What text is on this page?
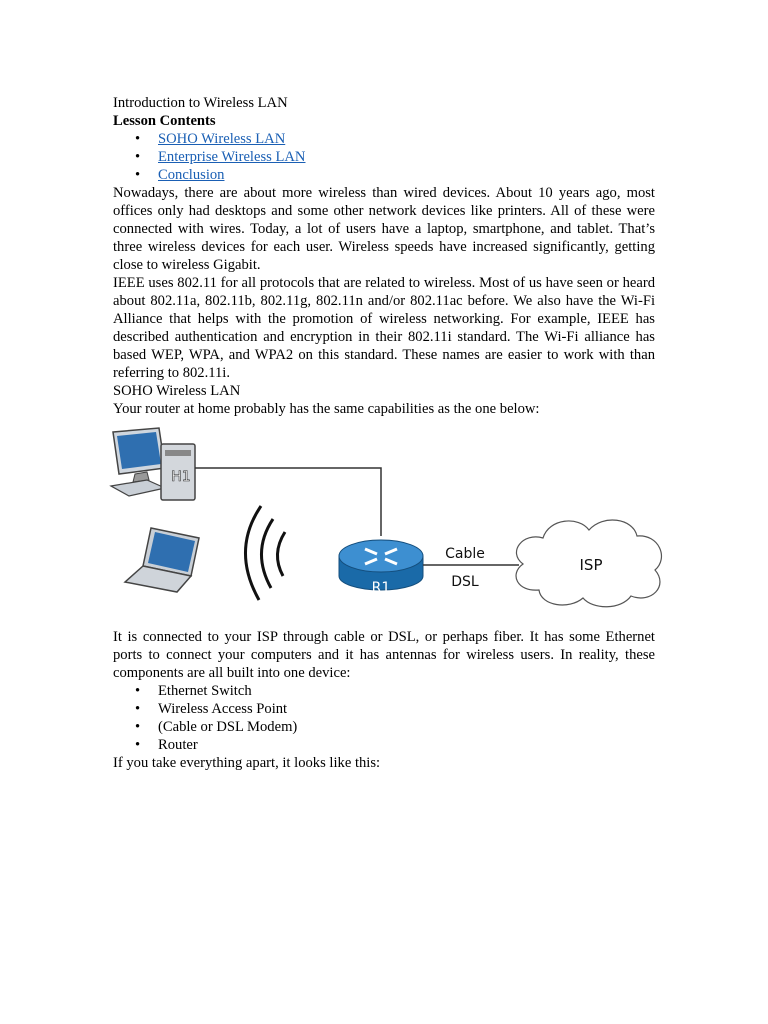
Introduction to Wireless LAN
Lesson Contents
• SOHO Wireless LAN
• Enterprise Wireless LAN
• Conclusion
Nowadays, there are about more wireless than wired devices. About 10 years ago, most offices only had desktops and some other network devices like printers. All of these were connected with wires. Today, a lot of users have a laptop, smartphone, and tablet. That’s three wireless devices for each user. Wireless speeds have increased significantly, getting close to wireless Gigabit.
IEEE uses 802.11 for all protocols that are related to wireless. Most of us have seen or heard about 802.11a, 802.11b, 802.11g, 802.11n and/or 802.11ac before. We also have the Wi-Fi Alliance that helps with the promotion of wireless networking. For example, IEEE has described authentication and encryption in their 802.11i standard. The Wi-Fi alliance has based WEP, WPA, and WPA2 on this standard. These names are easier to work with than referring to 802.11i.
SOHO Wireless LAN
Your router at home probably has the same capabilities as the one below:
H1
R1
Cable
DSL
ISP
It is connected to your ISP through cable or DSL, or perhaps fiber. It has some Ethernet ports to connect your computers and it has antennas for wireless users. In reality, these components are all built into one device:
• Ethernet Switch
• Wireless Access Point
• (Cable or DSL Modem)
• Router
If you take everything apart, it looks like this:
